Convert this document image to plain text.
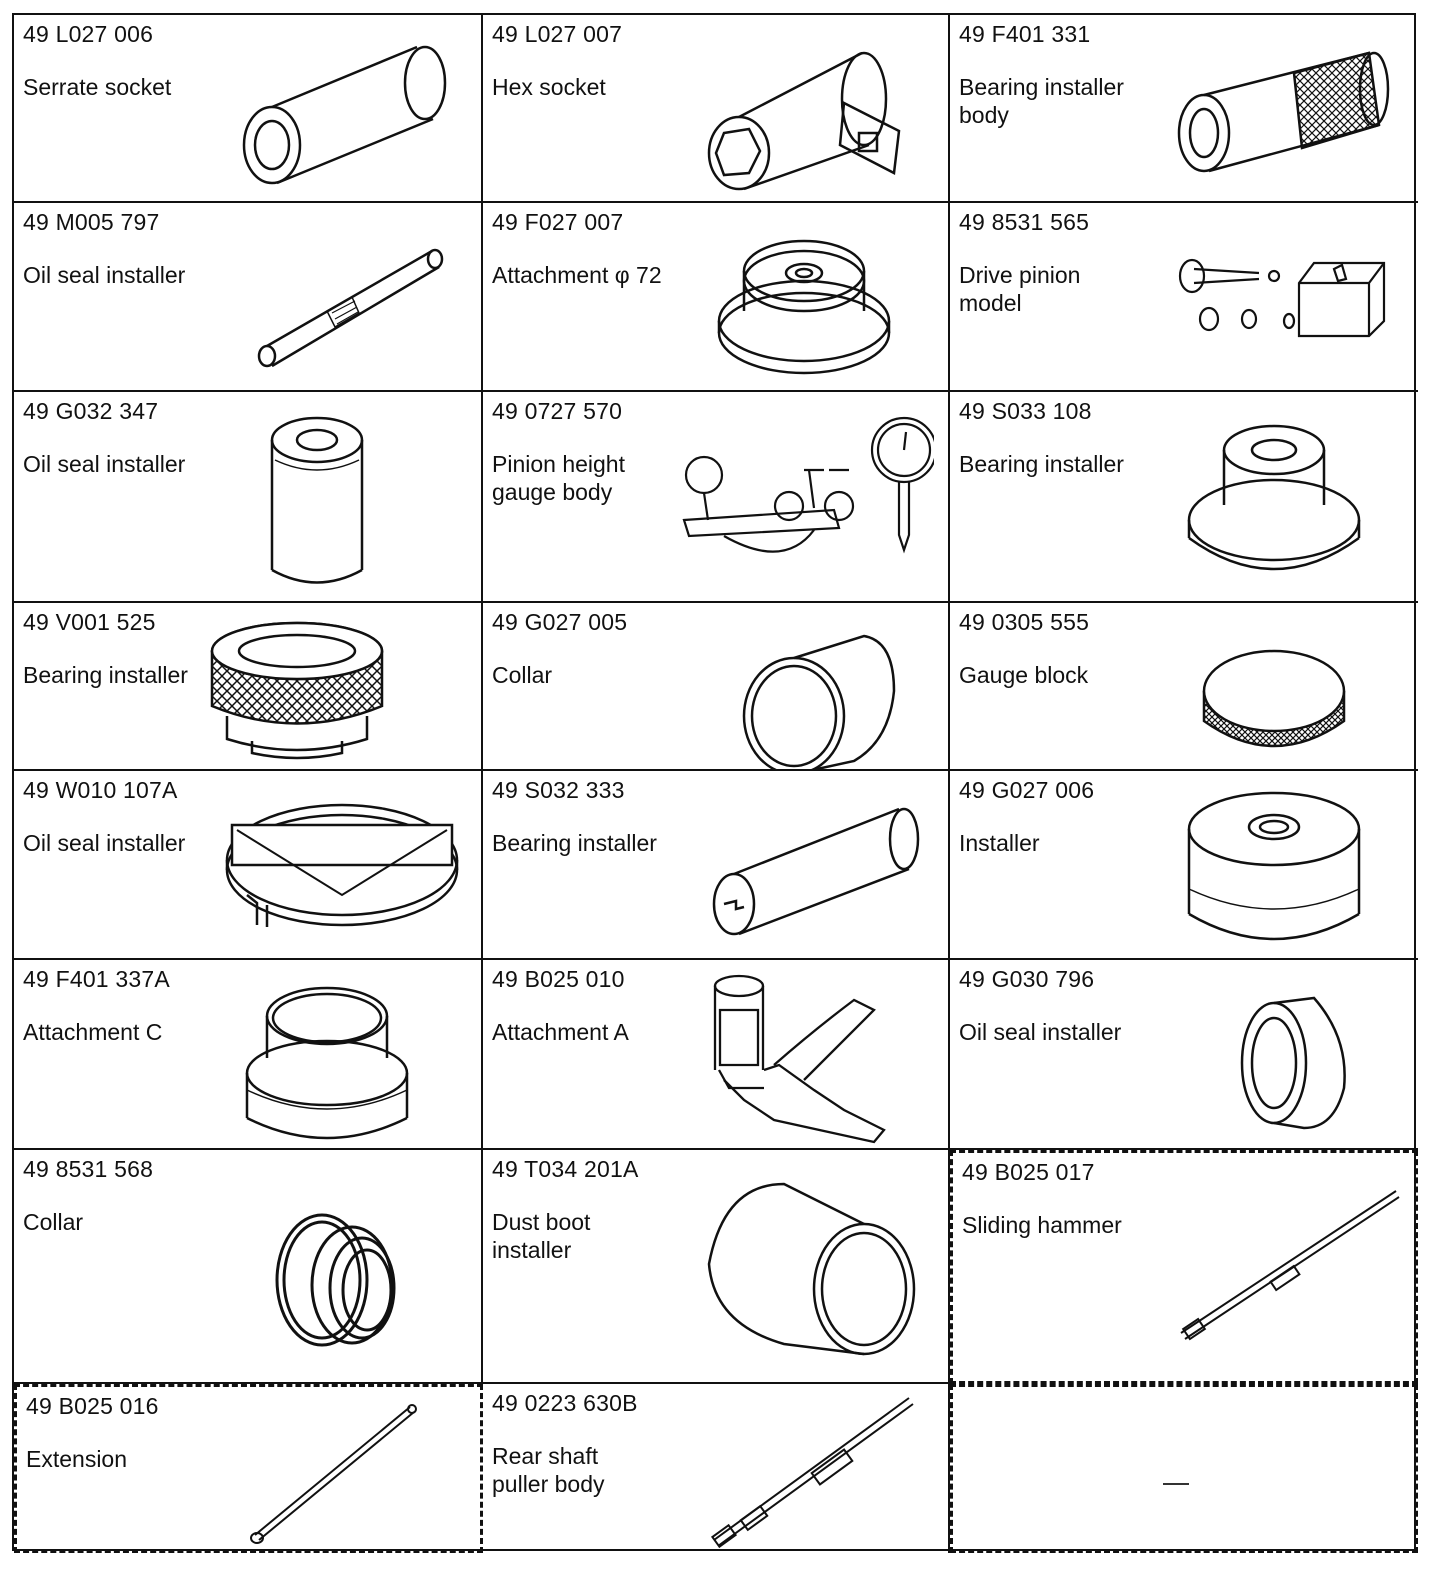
49 L027 006
Serrate socket
49 L027 007
Hex socket
49 F401 331
Bearing installer
body
49 M005 797
Oil seal installer
49 F027 007
Attachment φ 72
49 8531 565
Drive pinion
model
49 G032 347
Oil seal installer
49 0727 570
Pinion height
gauge body
49 S033 108
Bearing installer
49 V001 525
Bearing installer
49 G027 005
Collar
49 0305 555
Gauge block
49 W010 107A
Oil seal installer
49 S032 333
Bearing installer
49 G027 006
Installer
49 F401 337A
Attachment C
49 B025 010
Attachment A
49 G030 796
Oil seal installer
49 8531 568
Collar
49 T034 201A
Dust boot
installer
49 B025 017
Sliding hammer
49 B025 016
Extension
49 0223 630B
Rear shaft
puller body
